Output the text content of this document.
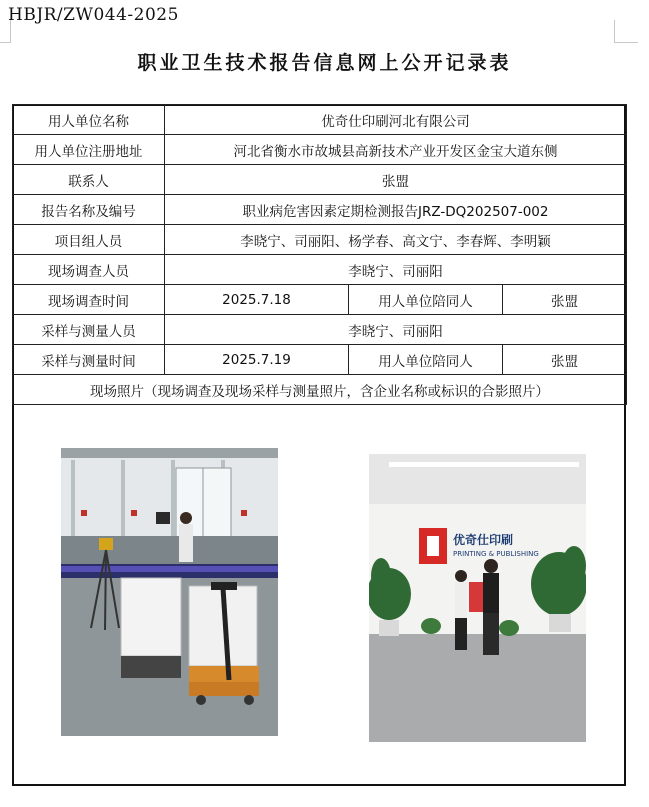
HBJR/ZW044-2025
职业卫生技术报告信息网上公开记录表
用人单位名称	优奇仕印刷河北有限公司		
用人单位注册地址	河北省衡水市故城县高新技术产业开发区金宝大道东侧		
联系人	张盟		
报告名称及编号	职业病危害因素定期检测报告JRZ-DQ202507-002		
项目组人员	李晓宁、司丽阳、杨学春、高文宁、李春辉、李明颖		
现场调查人员	李晓宁、司丽阳		
现场调查时间	2025.7.18	用人单位陪同人	张盟
采样与测量人员	李晓宁、司丽阳		
采样与测量时间	2025.7.19	用人单位陪同人	张盟
现场照片（现场调查及现场采样与测量照片，含企业名称或标识的合影照片）			
优奇仕印刷
PRINTING & PUBLISHING
